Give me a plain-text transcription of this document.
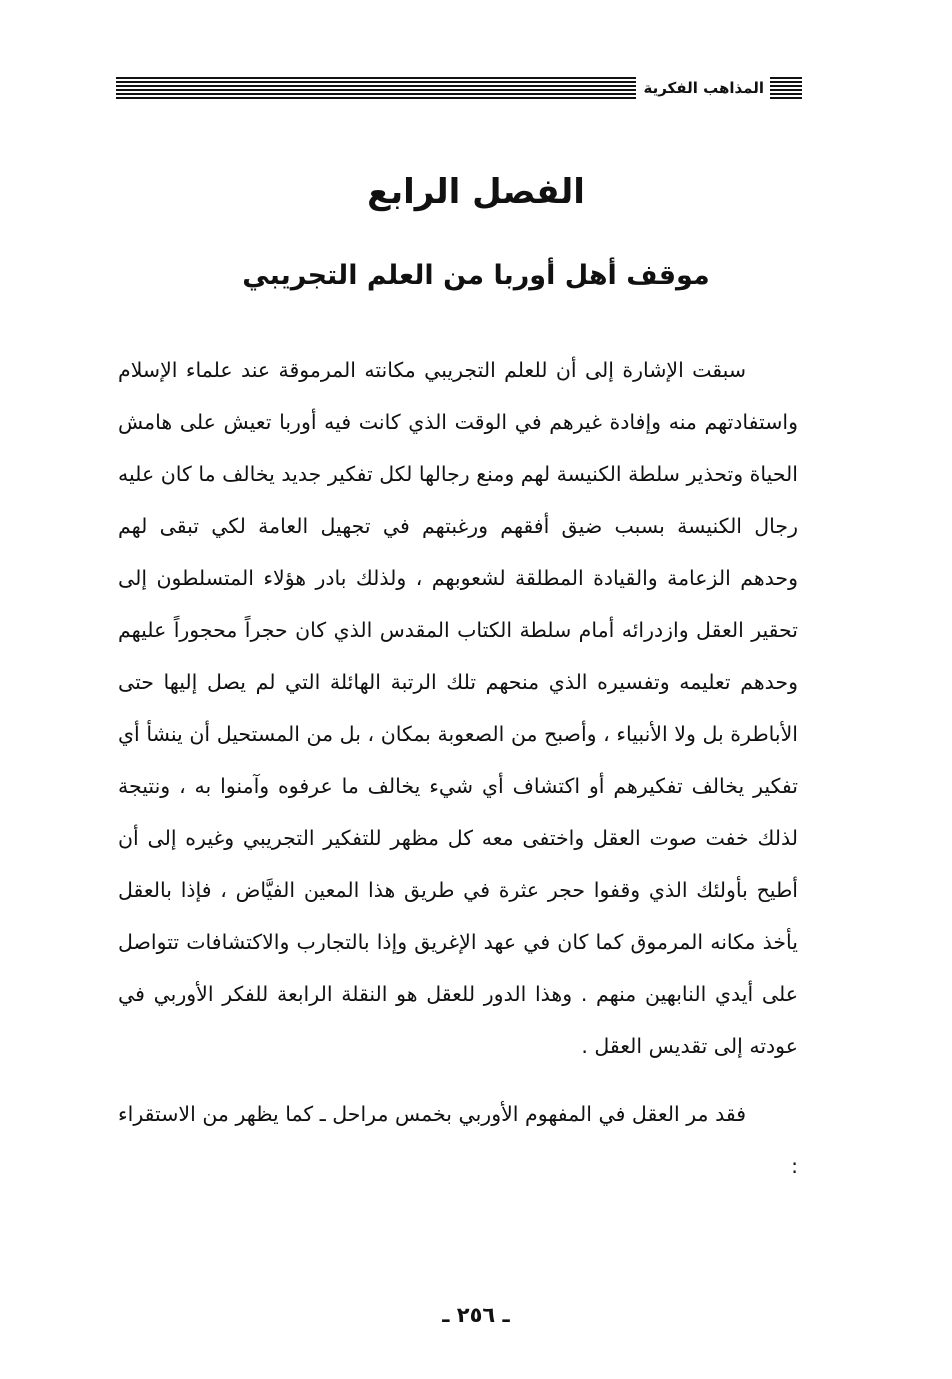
المذاهب الفكرية
الفصل الرابع
موقف أهل أوربا من العلم التجريبي

سبقت الإشارة إلى أن للعلم التجريبي مكانته المرموقة عند علماء الإسلام واستفادتهم منه وإفادة غيرهم في الوقت الذي كانت فيه أوربا تعيش على هامش الحياة وتحذير سلطة الكنيسة لهم ومنع رجالها لكل تفكير جديد يخالف ما كان عليه رجال الكنيسة بسبب ضيق أفقهم ورغبتهم في تجهيل العامة لكي تبقى لهم وحدهم الزعامة والقيادة المطلقة لشعوبهم ، ولذلك بادر هؤلاء المتسلطون إلى تحقير العقل وازدرائه أمام سلطة الكتاب المقدس الذي كان حجراً محجوراً عليهم وحدهم تعليمه وتفسيره الذي منحهم تلك الرتبة الهائلة التي لم يصل إليها حتى الأباطرة بل ولا الأنبياء ، وأصبح من الصعوبة بمكان ، بل من المستحيل أن ينشأ أي تفكير يخالف تفكيرهم أو اكتشاف أي شيء يخالف ما عرفوه وآمنوا به ، ونتيجة لذلك خفت صوت العقل واختفى معه كل مظهر للتفكير التجريبي وغيره إلى أن أطيح بأولئك الذي وقفوا حجر عثرة في طريق هذا المعين الفيَّاض ، فإذا بالعقل يأخذ مكانه المرموق كما كان في عهد الإغريق وإذا بالتجارب والاكتشافات تتواصل على أيدي النابهين منهم . وهذا الدور للعقل هو النقلة الرابعة للفكر الأوربي في عودته إلى تقديس العقل .

فقد مر العقل في المفهوم الأوربي بخمس مراحل ـ كما يظهر من الاستقراء :

ـ ٢٥٦ ـ
